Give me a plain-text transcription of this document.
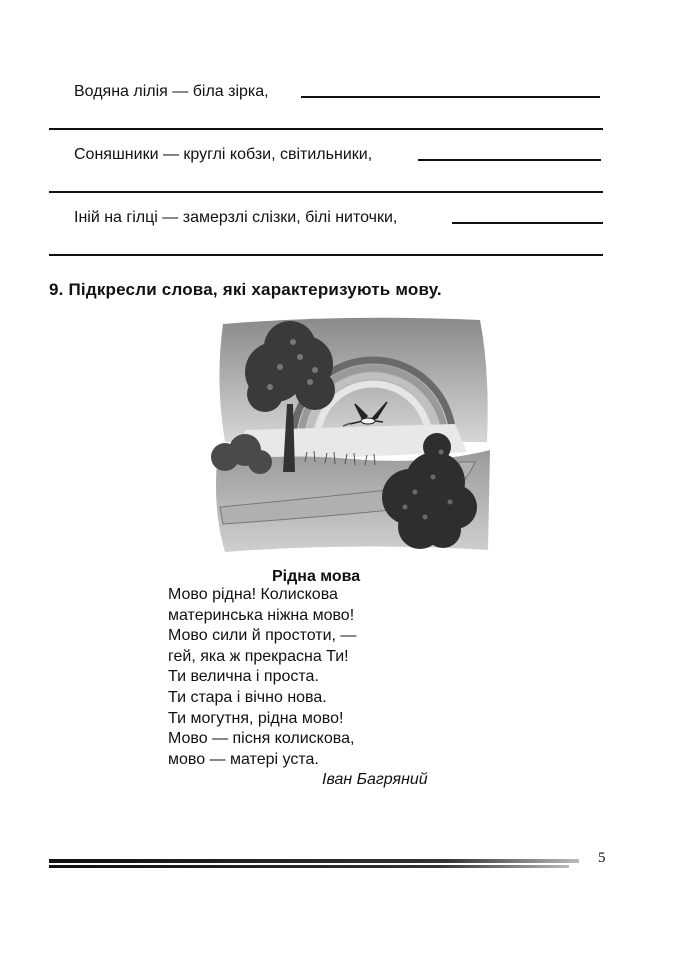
Водяна лілія — біла зірка,
Соняшники — круглі кобзи, світильники,
Іній на гілці — замерзлі слізки, білі ниточки,
9. Підкресли слова, які характеризують мову.
Рідна мова
Мово рідна! Колискова
материнська ніжна мово!
Мово сили й простоти, —
гей, яка ж прекрасна Ти!
Ти велична і проста.
Ти стара і вічно нова.
Ти могутня, рідна мово!
Мово — пісня колискова,
мово — матері уста.
Іван Багряний
5
